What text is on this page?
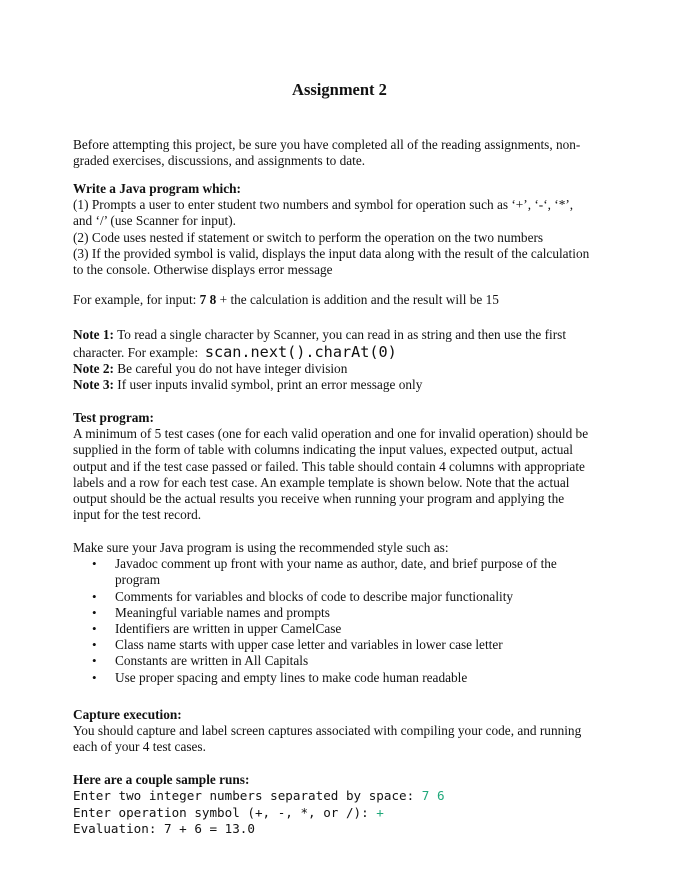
Assignment 2
Before attempting this project, be sure you have completed all of the reading assignments, non-
graded exercises, discussions, and assignments to date.
Write a Java program which:
(1) Prompts a user to enter student two numbers and symbol for operation such as ‘+’, ‘-‘, ‘*’,
and ‘/’ (use Scanner for input).
(2) Code uses nested if statement or switch to perform the operation on the two numbers
(3) If the provided symbol is valid, displays the input data along with the result of the calculation
to the console. Otherwise displays error message
For example, for input: 7 8 + the calculation is addition and the result will be 15
Note 1: To read a single character by Scanner, you can read in as string and then use the first
character. For example:  scan.next().charAt(0)
Note 2: Be careful you do not have integer division
Note 3: If user inputs invalid symbol, print an error message only
Test program:
A minimum of 5 test cases (one for each valid operation and one for invalid operation) should be
supplied in the form of table with columns indicating the input values, expected output, actual
output and if the test case passed or failed. This table should contain 4 columns with appropriate
labels and a row for each test case. An example template is shown below. Note that the actual
output should be the actual results you receive when running your program and applying the
input for the test record.
Make sure your Java program is using the recommended style such as:
• Javadoc comment up front with your name as author, date, and brief purpose of the
program
• Comments for variables and blocks of code to describe major functionality
• Meaningful variable names and prompts
• Identifiers are written in upper CamelCase
• Class name starts with upper case letter and variables in lower case letter
• Constants are written in All Capitals
• Use proper spacing and empty lines to make code human readable
Capture execution:
You should capture and label screen captures associated with compiling your code, and running
each of your 4 test cases.
Here are a couple sample runs:
Enter two integer numbers separated by space: 7 6
Enter operation symbol (+, -, *, or /): +
Evaluation: 7 + 6 = 13.0
